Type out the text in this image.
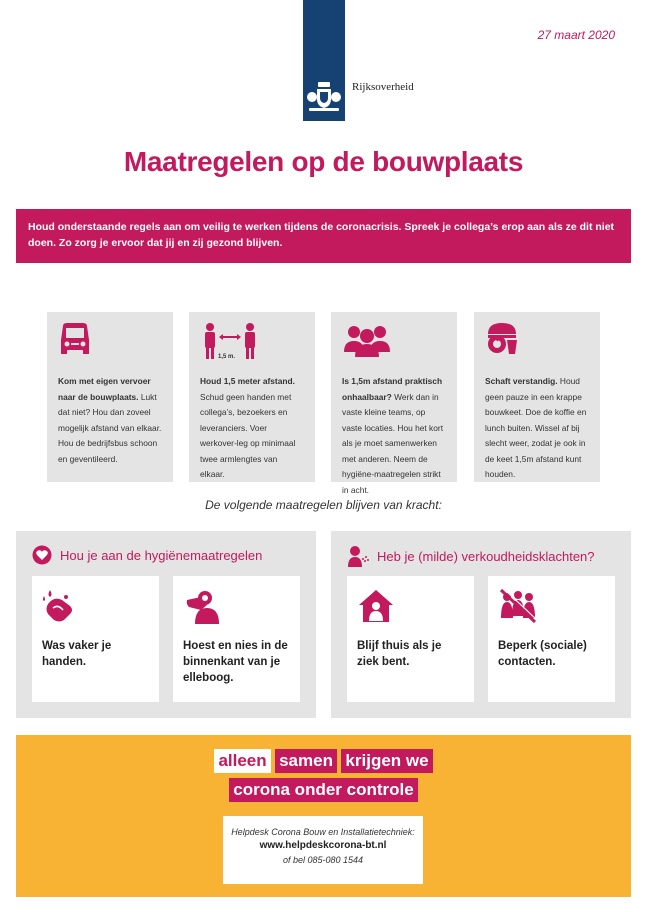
Rijksoverheid
27 maart 2020
Maatregelen op de bouwplaats
Houd onderstaande regels aan om veilig te werken tijdens de coronacrisis. Spreek je collega’s erop aan als ze dit niet doen. Zo zorg je ervoor dat jij en zij gezond blijven.
Kom met eigen vervoer naar de bouwplaats. Lukt dat niet? Hou dan zoveel mogelijk afstand van elkaar. Hou de bedrijfsbus schoon en geventileerd.
1,5 m.
Houd 1,5 meter afstand. Schud geen handen met collega’s, bezoekers en leveranciers. Voer werkover-leg op minimaal twee armlengtes van elkaar.
Is 1,5m afstand praktisch onhaalbaar? Werk dan in vaste kleine teams, op vaste locaties. Hou het kort als je moet samenwerken met anderen. Neem de hygiëne-maatregelen strikt in acht.
Schaft verstandig. Houd geen pauze in een krappe bouwkeet. Doe de koffie en lunch buiten. Wissel af bij slecht weer, zodat je ook in de keet 1,5m afstand kunt houden.
De volgende maatregelen blijven van kracht:
Hou je aan de hygiënemaatregelen
Was vaker je handen.
Hoest en nies in de binnenkant van je elleboog.
Heb je (milde) verkoudheidsklachten?
Blijf thuis als je ziek bent.
Beperk (sociale) contacten.
alleen samen krijgen we
corona onder controle
Helpdesk Corona Bouw en Installatietechniek:
www.helpdeskcorona-bt.nl
of bel 085-080 1544
